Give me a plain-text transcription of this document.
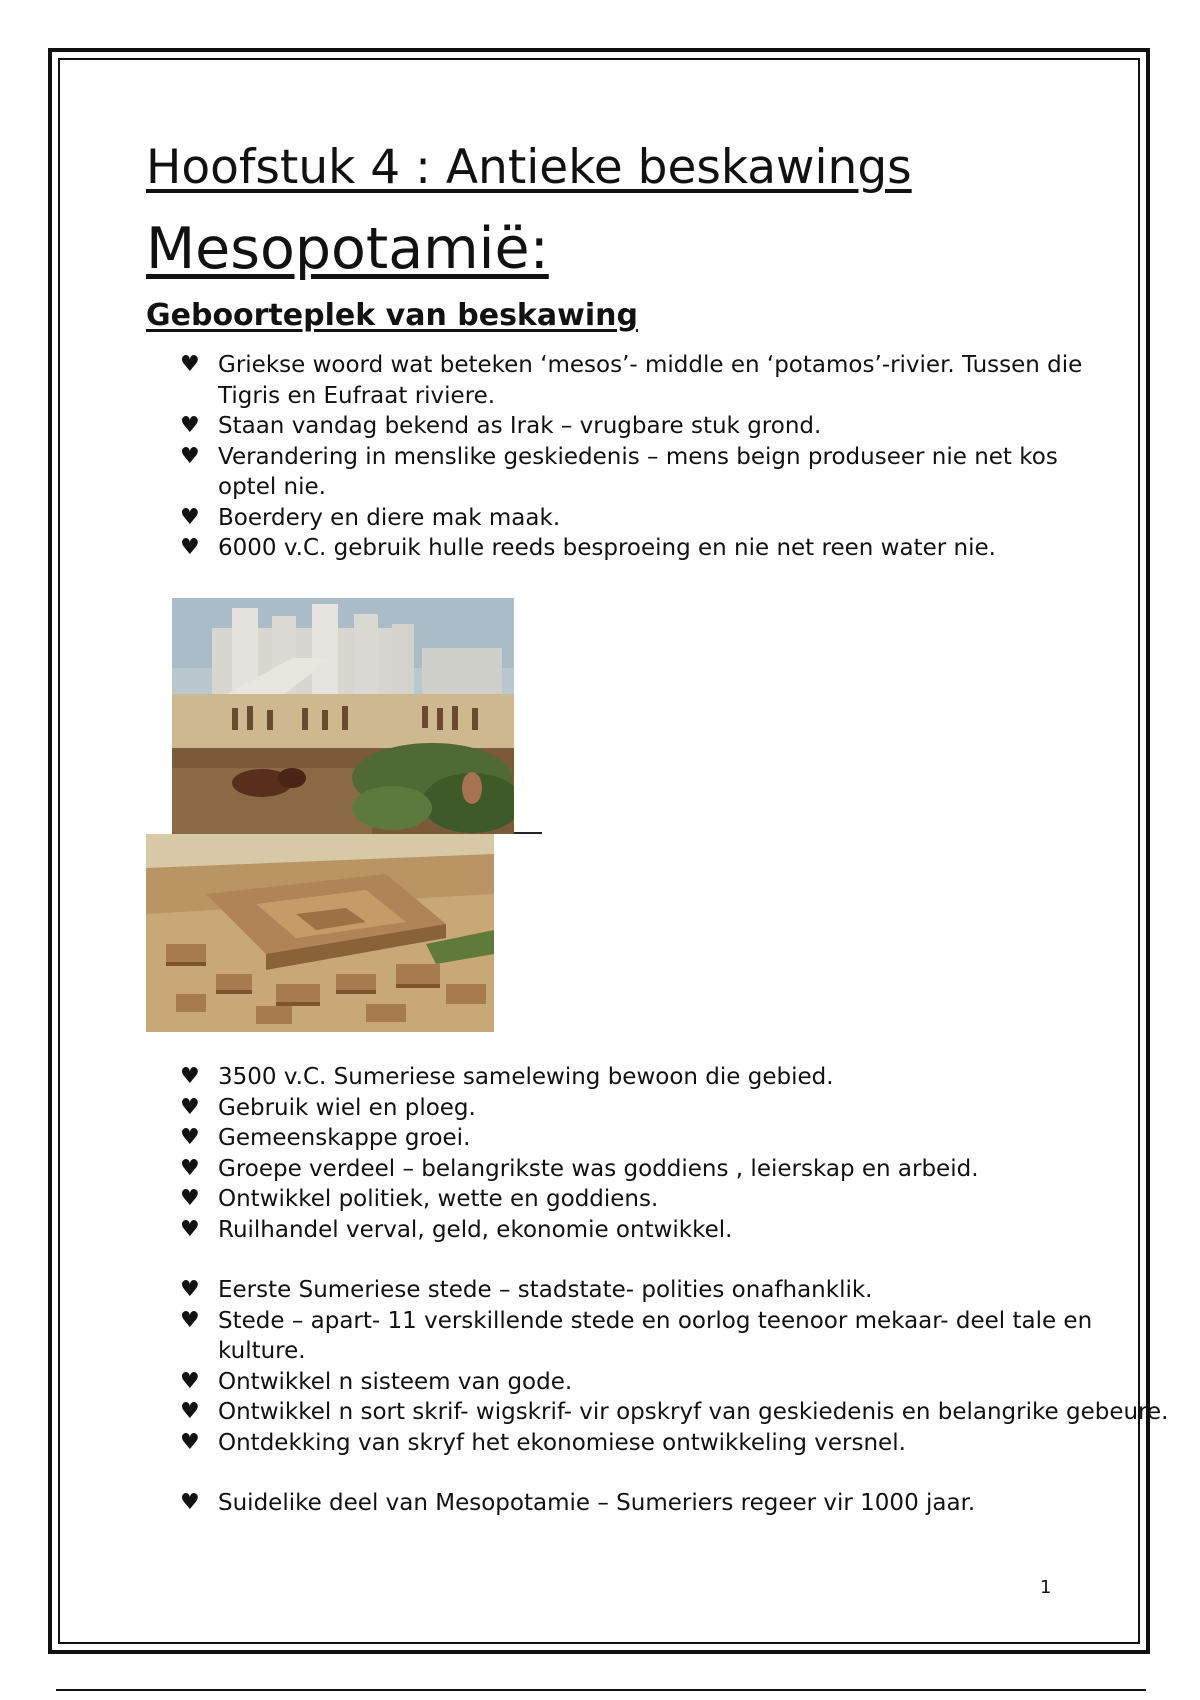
Hoofstuk 4 : Antieke beskawings
Mesopotamië:
Geboorteplek van beskawing
♥ Griekse woord wat beteken ‘mesos’- middle en ‘potamos’-rivier. Tussen die Tigris en Eufraat riviere.
♥ Staan vandag bekend as Irak – vrugbare stuk grond.
♥ Verandering in menslike geskiedenis – mens beign produseer nie net kos optel nie.
♥ Boerdery en diere mak maak.
♥ 6000 v.C. gebruik hulle reeds besproeing en nie net reen water nie.
♥ 3500 v.C. Sumeriese samelewing bewoon die gebied.
♥ Gebruik wiel en ploeg.
♥ Gemeenskappe groei.
♥ Groepe verdeel – belangrikste was goddiens , leierskap en arbeid.
♥ Ontwikkel politiek, wette en goddiens.
♥ Ruilhandel verval, geld, ekonomie ontwikkel.
♥ Eerste Sumeriese stede – stadstate- polities onafhanklik.
♥ Stede – apart- 11 verskillende stede en oorlog teenoor mekaar- deel tale en kulture.
♥ Ontwikkel n sisteem van gode.
♥ Ontwikkel n sort skrif- wigskrif- vir opskryf van geskiedenis en belangrike gebeure.
♥ Ontdekking van skryf het ekonomiese ontwikkeling versnel.
♥ Suidelike deel van Mesopotamie – Sumeriers regeer vir 1000 jaar.
1
